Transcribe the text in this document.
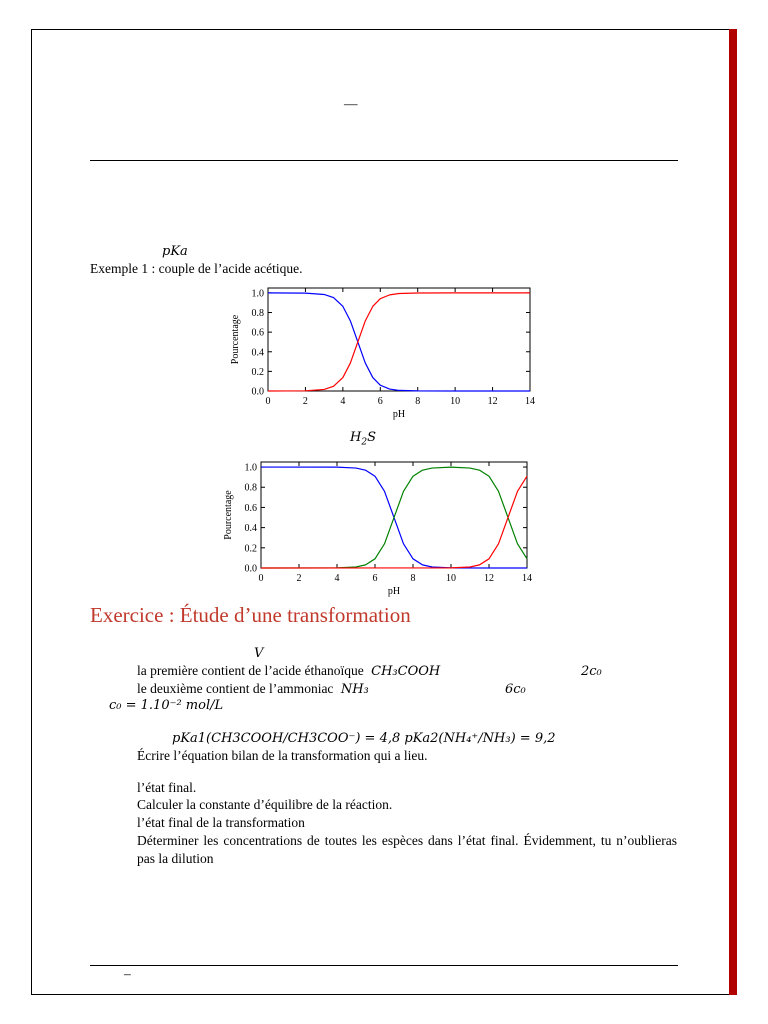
—
pKa
Exemple 1 : couple de l’acide acétique.
0	2	4	6	8	10	12	14
0.0
0.2
0.4
0.6
0.8
1.0
pH
Pourcentage
$H_2S$
0	2	4	6	8	10	12	14
0.0
0.2
0.4
0.6
0.8
1.0
pH
Pourcentage
Exercice : Étude d’une transformation
V
la première contient de l’acide éthanoïque CH₃COOH	2c₀
le deuxième contient de l’ammoniac NH₃	6c₀
c₀ = 1.10⁻² mol/L
pKa1(CH3COOH/CH3COO⁻) = 4,8 pKa2(NH₄⁺/NH₃) = 9,2
Écrire l’équation bilan de la transformation qui a lieu.
l’état final.
Calculer la constante d’équilibre de la réaction.
l’état final de la transformation
Déterminer les concentrations de toutes les espèces dans l’état final. Évidemment, tu n’oublieras pas la dilution
–
